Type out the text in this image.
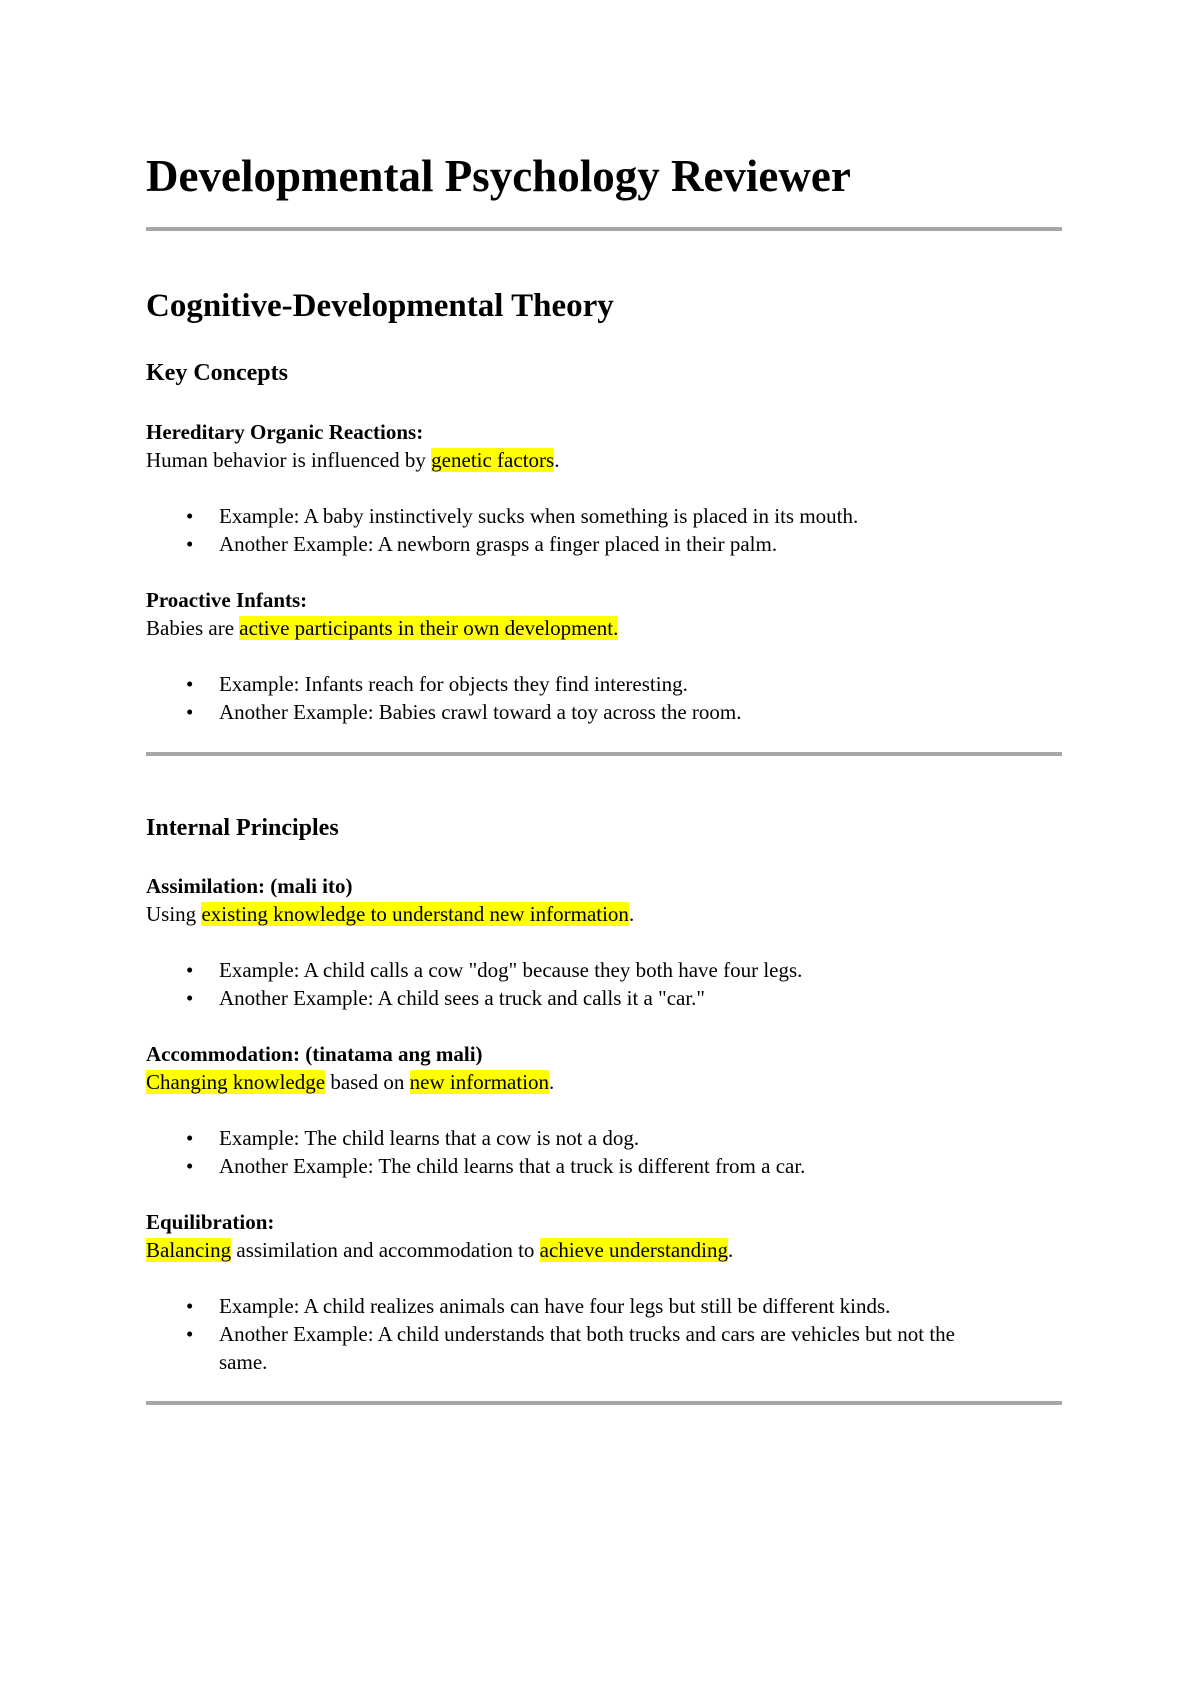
Developmental Psychology Reviewer
Cognitive-Developmental Theory
Key Concepts

Hereditary Organic Reactions:

Human behavior is influenced by genetic factors.

• Example: A baby instinctively sucks when something is placed in its mouth.
• Another Example: A newborn grasps a finger placed in their palm.

Proactive Infants:

Babies are active participants in their own development.

• Example: Infants reach for objects they find interesting.
• Another Example: Babies crawl toward a toy across the room.
Internal Principles

Assimilation: (mali ito)

Using existing knowledge to understand new information.

• Example: A child calls a cow "dog" because they both have four legs.
• Another Example: A child sees a truck and calls it a "car."

Accommodation: (tinatama ang mali)

Changing knowledge based on new information.

• Example: The child learns that a cow is not a dog.
• Another Example: The child learns that a truck is different from a car.

Equilibration:

Balancing assimilation and accommodation to achieve understanding.

• Example: A child realizes animals can have four legs but still be different kinds.
• Another Example: A child understands that both trucks and cars are vehicles but not the same.
